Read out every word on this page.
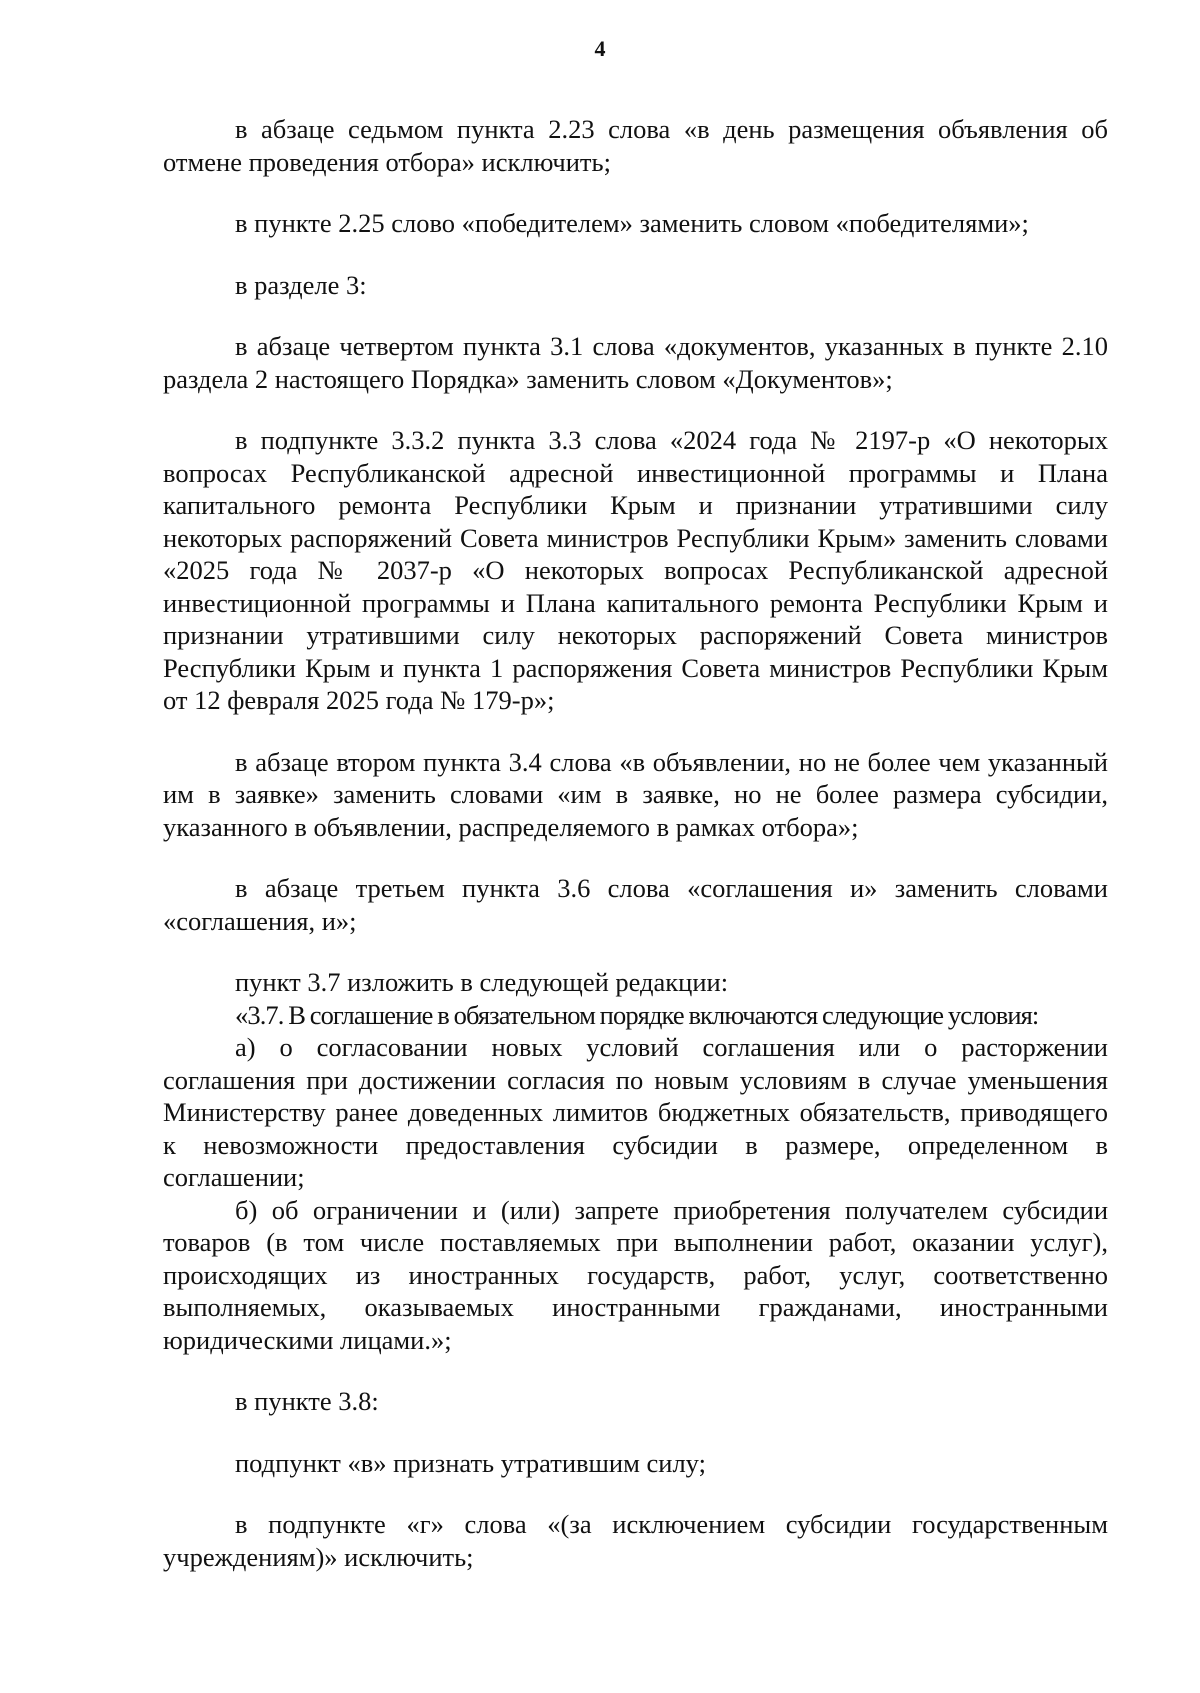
4

в абзаце седьмом пункта 2.23 слова «в день размещения объявления об отмене проведения отбора» исключить;

в пункте 2.25 слово «победителем» заменить словом «победителями»;

в разделе 3:

в абзаце четвертом пункта 3.1 слова «документов, указанных в пункте 2.10 раздела 2 настоящего Порядка» заменить словом «Документов»;

в подпункте 3.3.2 пункта 3.3 слова «2024 года № 2197-р «О некоторых вопросах Республиканской адресной инвестиционной программы и Плана капитального ремонта Республики Крым и признании утратившими силу некоторых распоряжений Совета министров Республики Крым» заменить словами «2025 года № 2037-р «О некоторых вопросах Республиканской адресной инвестиционной программы и Плана капитального ремонта Республики Крым и признании утратившими силу некоторых распоряжений Совета министров Республики Крым и пункта 1 распоряжения Совета министров Республики Крым от 12 февраля 2025 года № 179-р»;

в абзаце втором пункта 3.4 слова «в объявлении, но не более чем указанный им в заявке» заменить словами «им в заявке, но не более размера субсидии, указанного в объявлении, распределяемого в рамках отбора»;

в абзаце третьем пункта 3.6 слова «соглашения и» заменить словами «соглашения, и»;

пункт 3.7 изложить в следующей редакции:

«3.7. В соглашение в обязательном порядке включаются следующие условия:

а) о согласовании новых условий соглашения или о расторжении соглашения при достижении согласия по новым условиям в случае уменьшения Министерству ранее доведенных лимитов бюджетных обязательств, приводящего к невозможности предоставления субсидии в размере, определенном в соглашении;

б) об ограничении и (или) запрете приобретения получателем субсидии товаров (в том числе поставляемых при выполнении работ, оказании услуг), происходящих из иностранных государств, работ, услуг, соответственно выполняемых, оказываемых иностранными гражданами, иностранными юридическими лицами.»;

в пункте 3.8:

подпункт «в» признать утратившим силу;

в подпункте «г» слова «(за исключением субсидии государственным учреждениям)» исключить;
